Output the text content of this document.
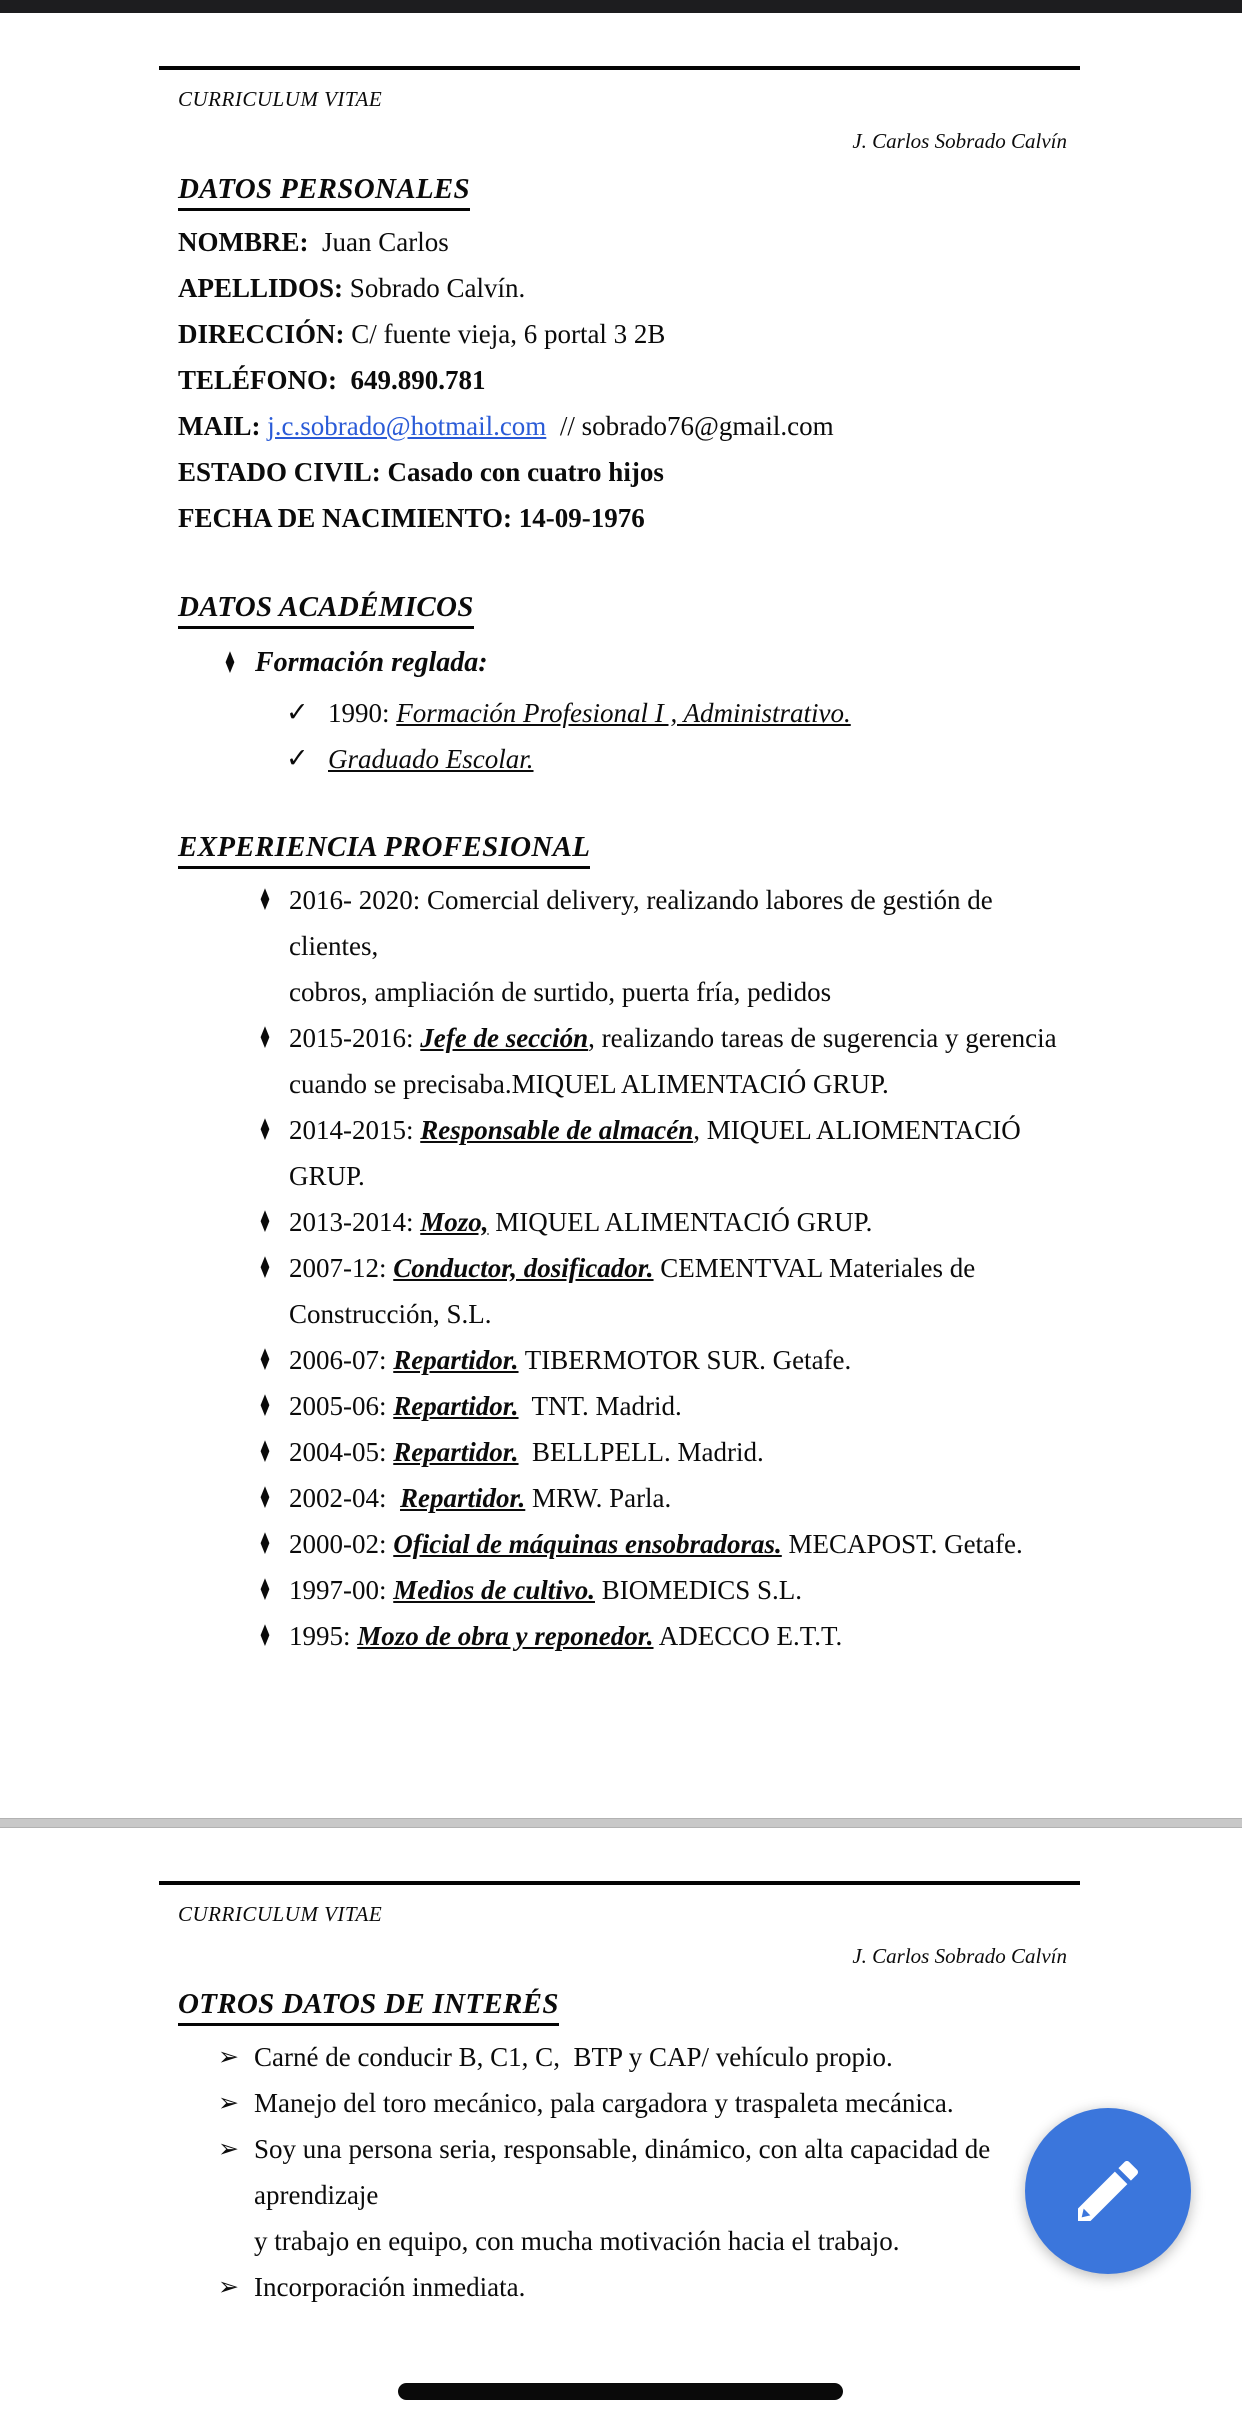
CURRICULUM VITAE
J. Carlos Sobrado Calvín
DATOS PERSONALES
NOMBRE:  Juan Carlos
APELLIDOS: Sobrado Calvín.
DIRECCIÓN: C/ fuente vieja, 6 portal 3 2B
TELÉFONO:  649.890.781
MAIL: j.c.sobrado@hotmail.com  // sobrado76@gmail.com
ESTADO CIVIL: Casado con cuatro hijos
FECHA DE NACIMIENTO: 14-09-1976
DATOS ACADÉMICOS
♦ Formación reglada:
✓ 1990: Formación Profesional I , Administrativo.
✓ Graduado Escolar.
EXPERIENCIA PROFESIONAL
♦ 2016- 2020: Comercial delivery, realizando labores de gestión de clientes,
cobros, ampliación de surtido, puerta fría, pedidos
♦ 2015-2016: Jefe de sección, realizando tareas de sugerencia y gerencia
cuando se precisaba.MIQUEL ALIMENTACIÓ GRUP.
♦ 2014-2015: Responsable de almacén, MIQUEL ALIOMENTACIÓ GRUP.
♦ 2013-2014: Mozo, MIQUEL ALIMENTACIÓ GRUP.
♦ 2007-12: Conductor, dosificador. CEMENTVAL Materiales de
Construcción, S.L.
♦ 2006-07: Repartidor. TIBERMOTOR SUR. Getafe.
♦ 2005-06: Repartidor.  TNT. Madrid.
♦ 2004-05: Repartidor.  BELLPELL. Madrid.
♦ 2002-04:  Repartidor. MRW. Parla.
♦ 2000-02: Oficial de máquinas ensobradoras. MECAPOST. Getafe.
♦ 1997-00: Medios de cultivo. BIOMEDICS S.L.
♦ 1995: Mozo de obra y reponedor. ADECCO E.T.T.
CURRICULUM VITAE
J. Carlos Sobrado Calvín
OTROS DATOS DE INTERÉS
➢ Carné de conducir B, C1, C,  BTP y CAP/ vehículo propio.
➢ Manejo del toro mecánico, pala cargadora y traspaleta mecánica.
➢ Soy una persona seria, responsable, dinámico, con alta capacidad de aprendizaje
y trabajo en equipo, con mucha motivación hacia el trabajo.
➢ Incorporación inmediata.
